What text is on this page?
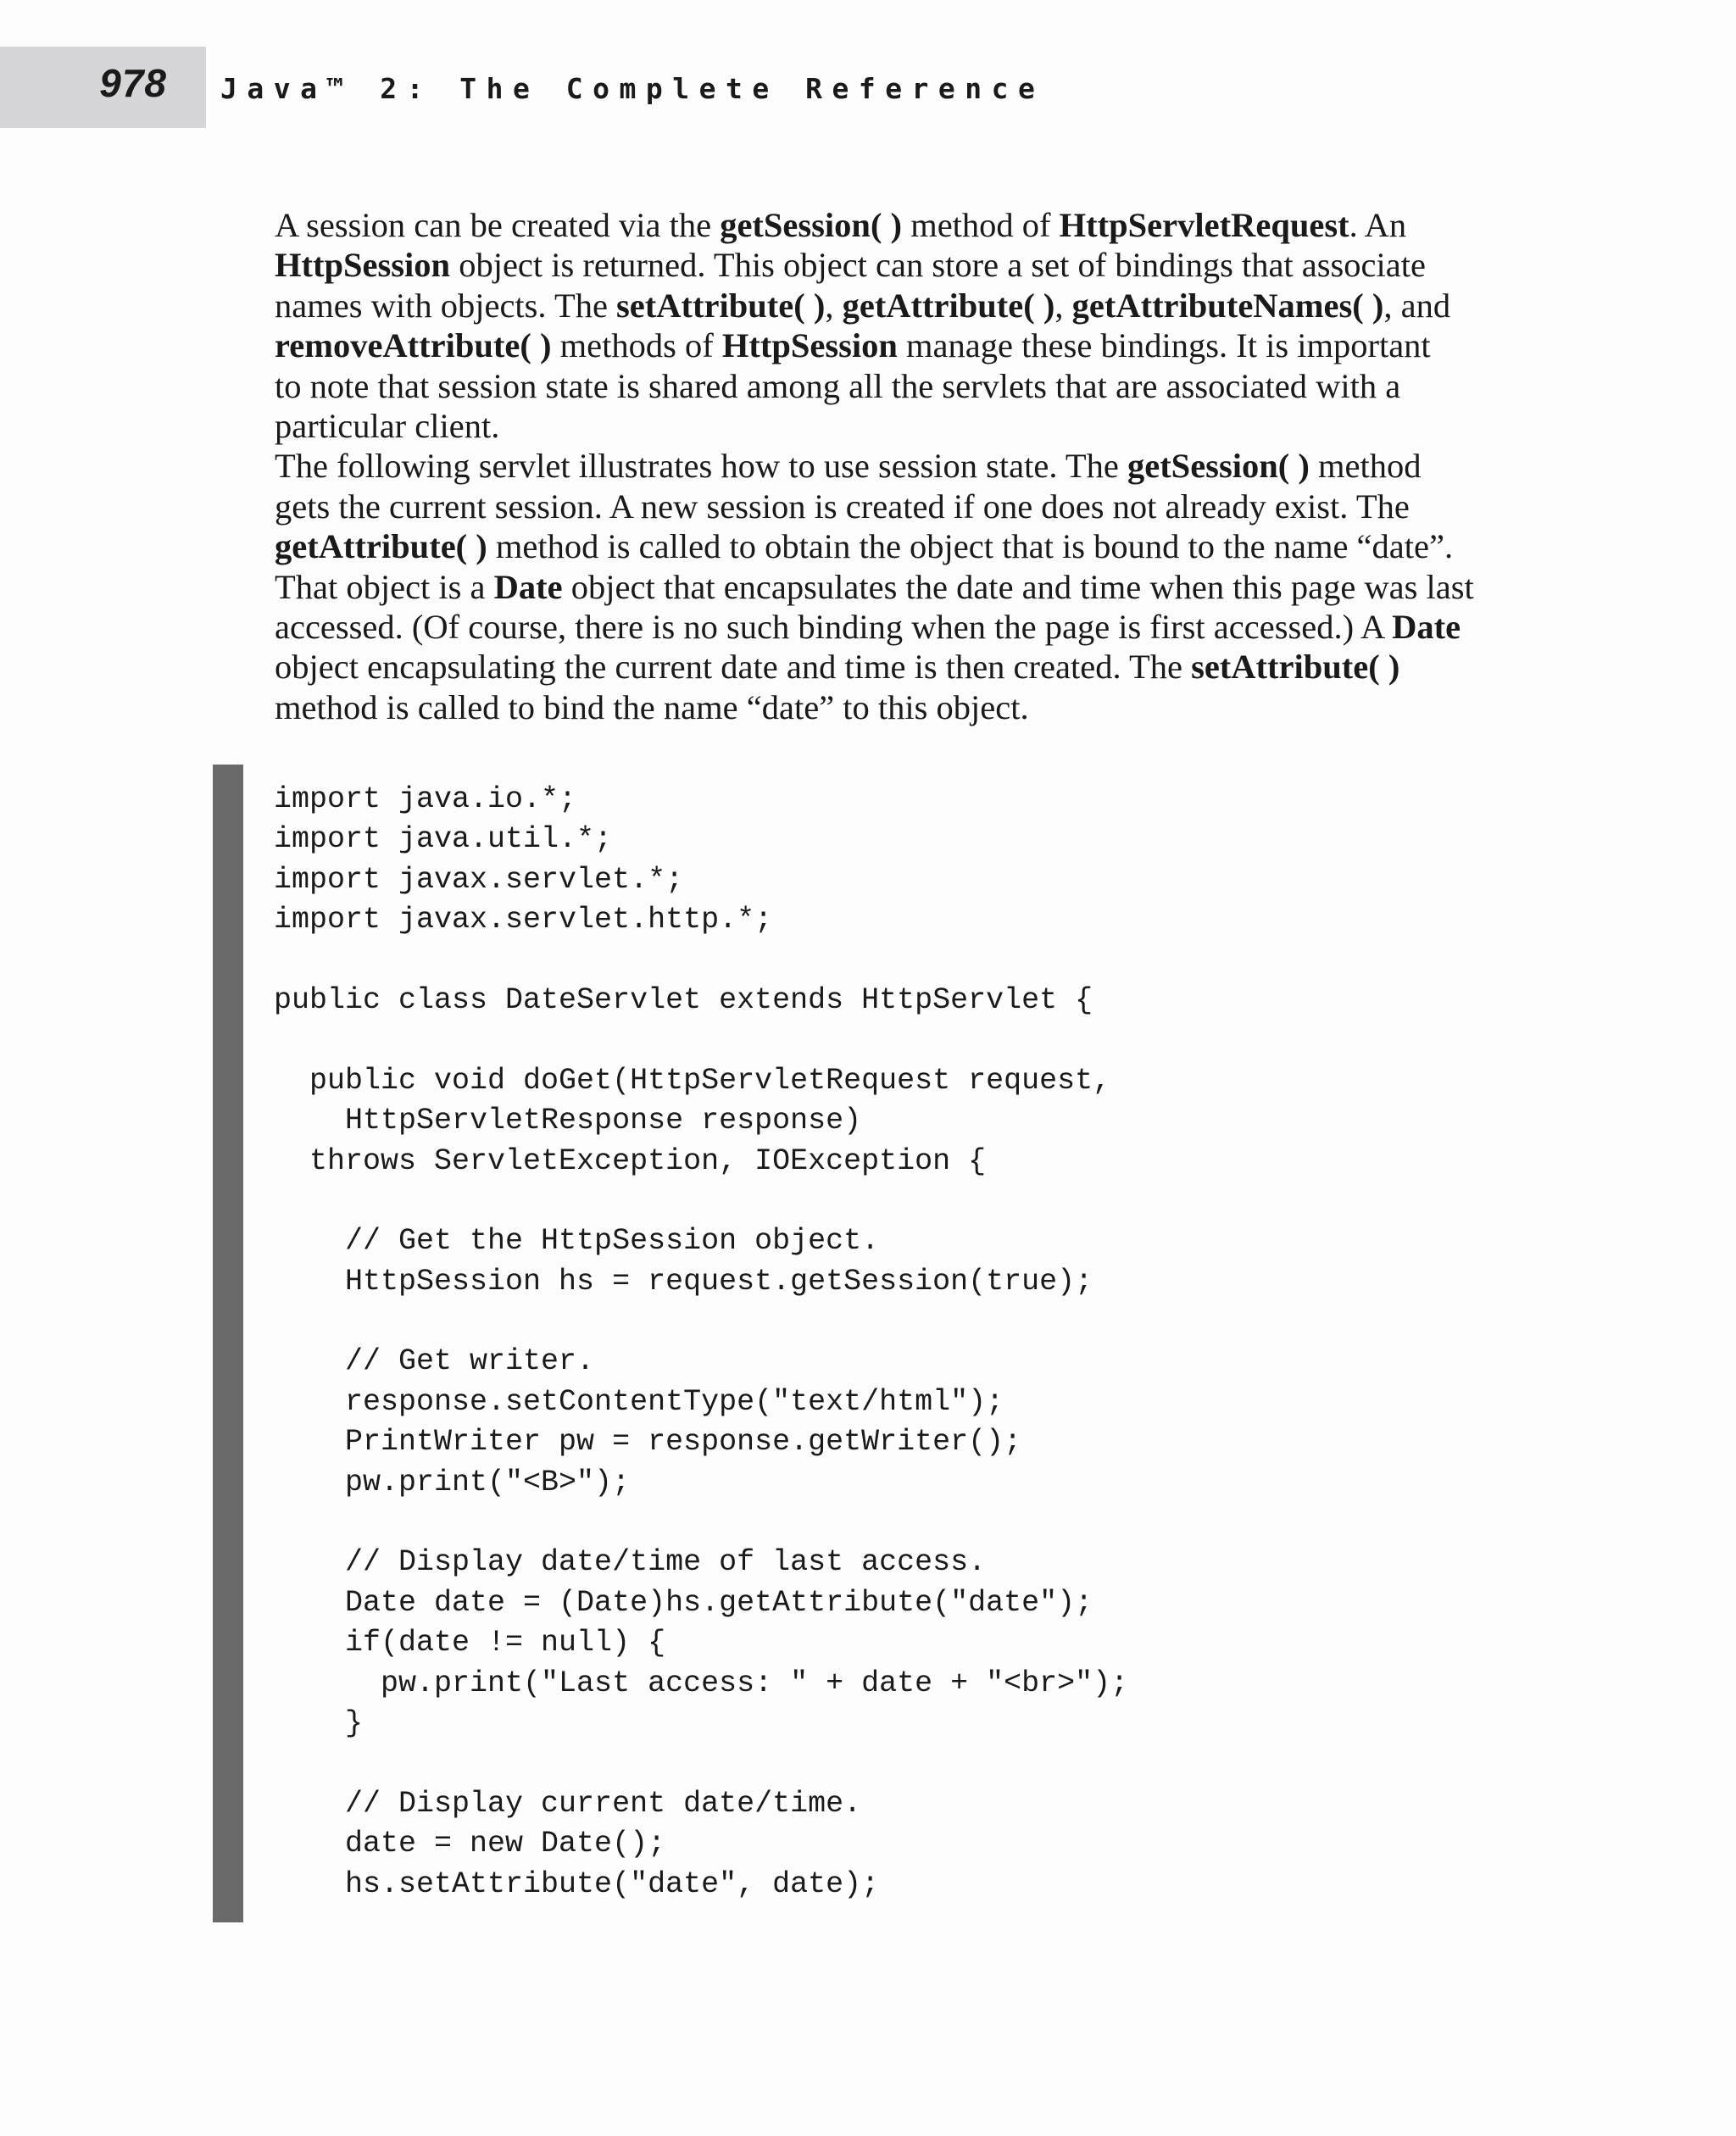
978 Java™ 2: The Complete Reference

A session can be created via the getSession( ) method of HttpServletRequest. An
HttpSession object is returned. This object can store a set of bindings that associate
names with objects. The setAttribute( ), getAttribute( ), getAttributeNames( ), and
removeAttribute( ) methods of HttpSession manage these bindings. It is important
to note that session state is shared among all the servlets that are associated with a
particular client.

The following servlet illustrates how to use session state. The getSession( ) method
gets the current session. A new session is created if one does not already exist. The
getAttribute( ) method is called to obtain the object that is bound to the name “date”.
That object is a Date object that encapsulates the date and time when this page was last
accessed. (Of course, there is no such binding when the page is first accessed.) A Date
object encapsulating the current date and time is then created. The setAttribute( )
method is called to bind the name “date” to this object.

import java.io.*;
import java.util.*;
import javax.servlet.*;
import javax.servlet.http.*;
public class DateServlet extends HttpServlet {
public void doGet(HttpServletRequest request,
HttpServletResponse response)
throws ServletException, IOException {
// Get the HttpSession object.
HttpSession hs = request.getSession(true);
// Get writer.
response.setContentType("text/html");
PrintWriter pw = response.getWriter();
pw.print("<B>");
// Display date/time of last access.
Date date = (Date)hs.getAttribute("date");
if(date != null) {
pw.print("Last access: " + date + "<br>");
}
// Display current date/time.
date = new Date();
hs.setAttribute("date", date);
